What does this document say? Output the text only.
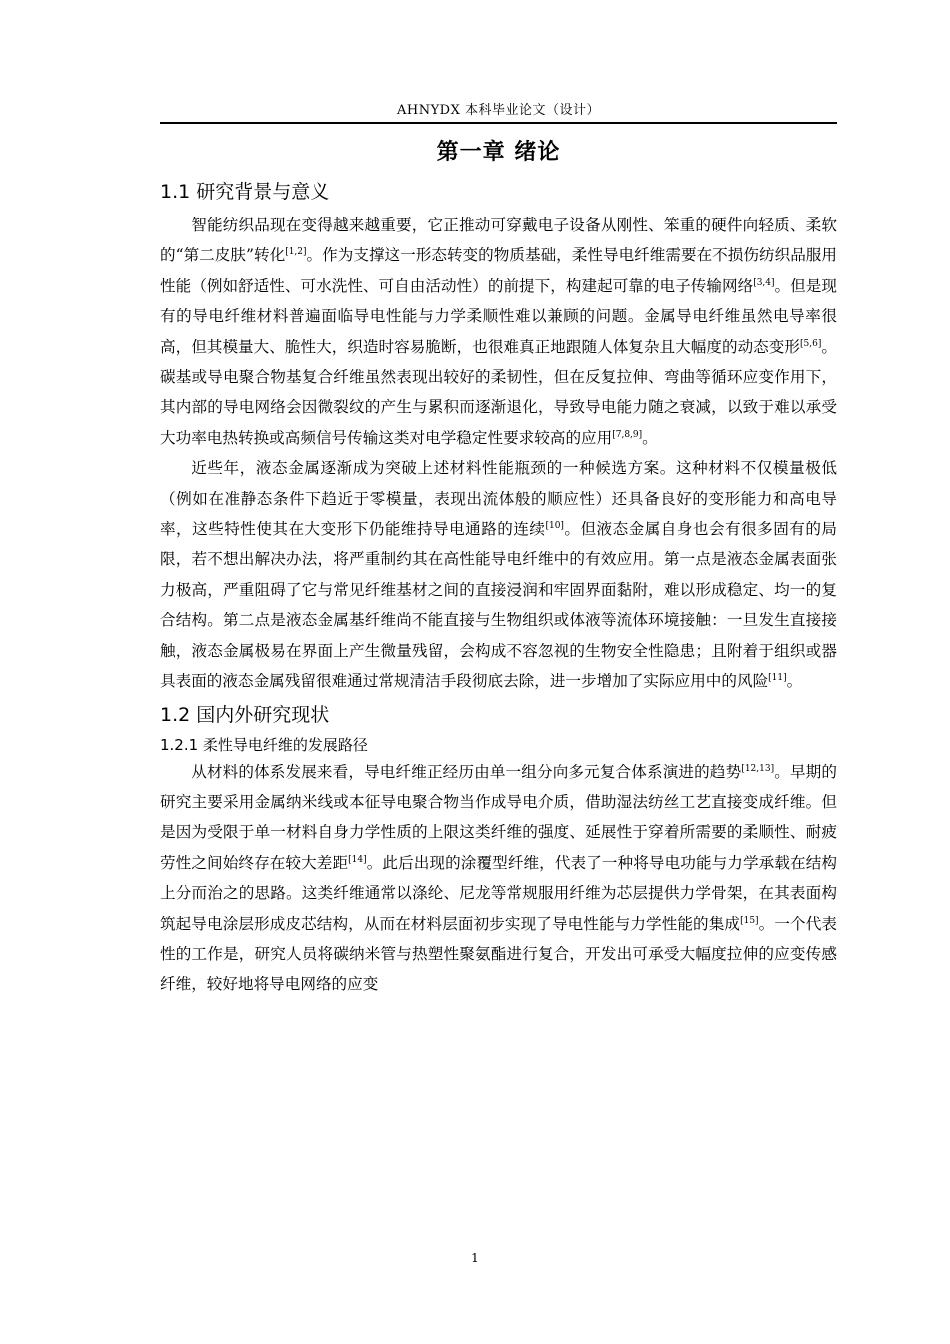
AHNYDX 本科毕业论文（设计）
第一章 绪论
1.1 研究背景与意义

智能纺织品现在变得越来越重要，它正推动可穿戴电子设备从刚性、笨重的硬件向轻质、柔软的“第二皮肤”转化[1,2]。作为支撑这一形态转变的物质基础，柔性导电纤维需要在不损伤纺织品服用性能（例如舒适性、可水洗性、可自由活动性）的前提下，构建起可靠的电子传输网络[3,4]。但是现有的导电纤维材料普遍面临导电性能与力学柔顺性难以兼顾的问题。金属导电纤维虽然电导率很高，但其模量大、脆性大，织造时容易脆断，也很难真正地跟随人体复杂且大幅度的动态变形[5,6]。碳基或导电聚合物基复合纤维虽然表现出较好的柔韧性，但在反复拉伸、弯曲等循环应变作用下，其内部的导电网络会因微裂纹的产生与累积而逐渐退化，导致导电能力随之衰减，以致于难以承受大功率电热转换或高频信号传输这类对电学稳定性要求较高的应用[7,8,9]。

近些年，液态金属逐渐成为突破上述材料性能瓶颈的一种候选方案。这种材料不仅模量极低（例如在准静态条件下趋近于零模量，表现出流体般的顺应性）还具备良好的变形能力和高电导率，这些特性使其在大变形下仍能维持导电通路的连续[10]。但液态金属自身也会有很多固有的局限，若不想出解决办法，将严重制约其在高性能导电纤维中的有效应用。第一点是液态金属表面张力极高，严重阻碍了它与常见纤维基材之间的直接浸润和牢固界面黏附，难以形成稳定、均一的复合结构。第二点是液态金属基纤维尚不能直接与生物组织或体液等流体环境接触：一旦发生直接接触，液态金属极易在界面上产生微量残留，会构成不容忽视的生物安全性隐患；且附着于组织或器具表面的液态金属残留很难通过常规清洁手段彻底去除，进一步增加了实际应用中的风险[11]。

1.2 国内外研究现状
1.2.1 柔性导电纤维的发展路径

从材料的体系发展来看，导电纤维正经历由单一组分向多元复合体系演进的趋势[12,13]。早期的研究主要采用金属纳米线或本征导电聚合物当作成导电介质，借助湿法纺丝工艺直接变成纤维。但是因为受限于单一材料自身力学性质的上限这类纤维的强度、延展性于穿着所需要的柔顺性、耐疲劳性之间始终存在较大差距[14]。此后出现的涂覆型纤维，代表了一种将导电功能与力学承载在结构上分而治之的思路。这类纤维通常以涤纶、尼龙等常规服用纤维为芯层提供力学骨架，在其表面构筑起导电涂层形成皮芯结构，从而在材料层面初步实现了导电性能与力学性能的集成[15]。一个代表性的工作是，研究人员将碳纳米管与热塑性聚氨酯进行复合，开发出可承受大幅度拉伸的应变传感纤维，较好地将导电网络的应变

1
